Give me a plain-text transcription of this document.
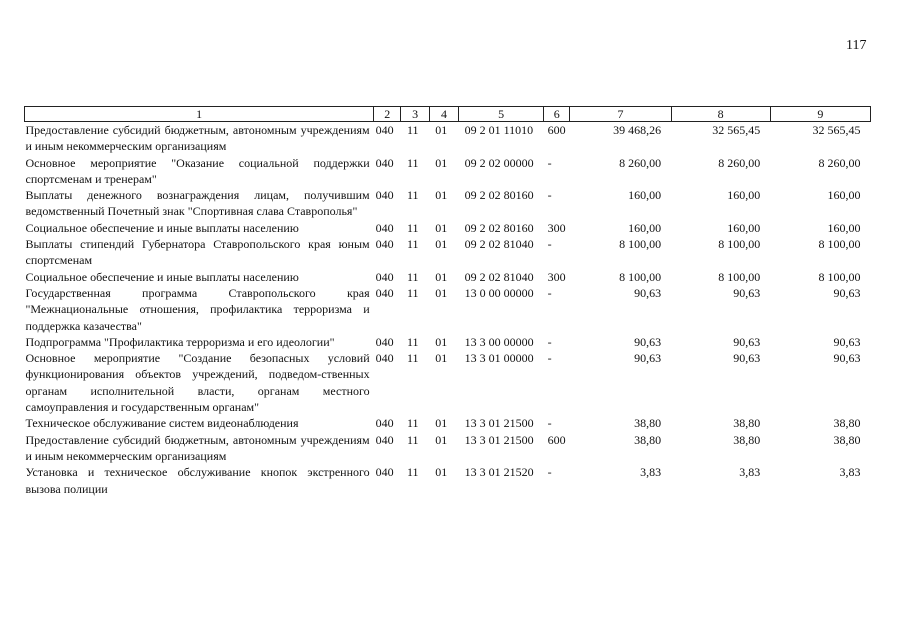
117
1	2	3	4	5	6	7	8	9
Предоставление субсидий бюджетным, автономным учреждениям и иным некоммерческим организациям	040	11	01	09 2 01 11010	600	39 468,26	32 565,45	32 565,45
Основное мероприятие "Оказание социальной поддержки спортсменам и тренерам"	040	11	01	09 2 02 00000	-	8 260,00	8 260,00	8 260,00
Выплаты денежного вознаграждения лицам, получившим ведомственный Почетный знак "Спортивная слава Ставрополья"	040	11	01	09 2 02 80160	-	160,00	160,00	160,00
Социальное обеспечение и иные выплаты населению	040	11	01	09 2 02 80160	300	160,00	160,00	160,00
Выплаты стипендий Губернатора Ставропольского края юным спортсменам	040	11	01	09 2 02 81040	-	8 100,00	8 100,00	8 100,00
Социальное обеспечение и иные выплаты населению	040	11	01	09 2 02 81040	300	8 100,00	8 100,00	8 100,00
Государственная программа Ставропольского края "Межнациональные отношения, профилактика терроризма и поддержка казачества"	040	11	01	13 0 00 00000	-	90,63	90,63	90,63
Подпрограмма "Профилактика терроризма и его идеологии"	040	11	01	13 3 00 00000	-	90,63	90,63	90,63
Основное мероприятие "Создание безопасных условий функционирования объектов учреждений, подведом-ственных органам исполнительной власти, органам местного самоуправления и государственным органам"	040	11	01	13 3 01 00000	-	90,63	90,63	90,63
Техническое обслуживание систем видеонаблюдения	040	11	01	13 3 01 21500	-	38,80	38,80	38,80
Предоставление субсидий бюджетным, автономным учреждениям и иным некоммерческим организациям	040	11	01	13 3 01 21500	600	38,80	38,80	38,80
Установка и техническое обслуживание кнопок экстренного вызова полиции	040	11	01	13 3 01 21520	-	3,83	3,83	3,83
